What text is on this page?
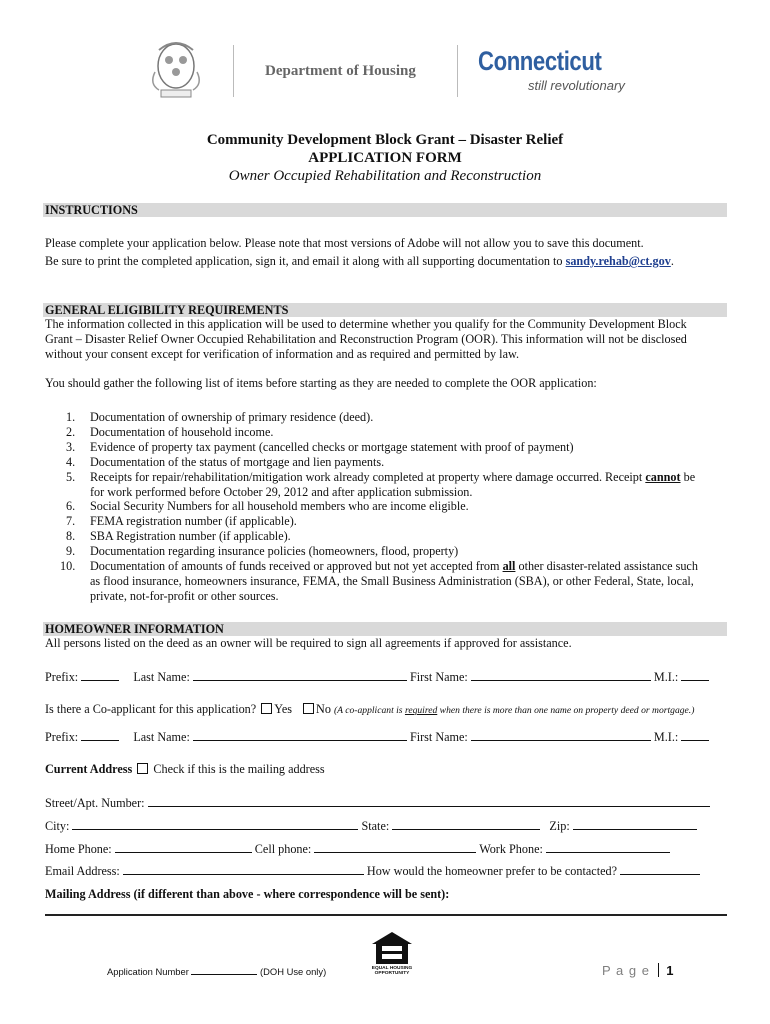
Department of Housing Connecticut
still revolutionary
Community Development Block Grant – Disaster Relief
APPLICATION FORM
Owner Occupied Rehabilitation and Reconstruction
INSTRUCTIONS
Please complete your application below. Please note that most versions of Adobe will not allow you to save this document.
Be sure to print the completed application, sign it, and email it along with all supporting documentation to sandy.rehab@ct.gov.
GENERAL ELIGIBILITY REQUIREMENTS
The information collected in this application will be used to determine whether you qualify for the Community Development Block
Grant – Disaster Relief Owner Occupied Rehabilitation and Reconstruction Program (OOR). This information will not be disclosed
without your consent except for verification of information and as required and permitted by law.
You should gather the following list of items before starting as they are needed to complete the OOR application:
1. Documentation of ownership of primary residence (deed).
2. Documentation of household income.
3. Evidence of property tax payment (cancelled checks or mortgage statement with proof of payment)
4. Documentation of the status of mortgage and lien payments.
5. Receipts for repair/rehabilitation/mitigation work already completed at property where damage occurred. Receipt cannot be
for work performed before October 29, 2012 and after application submission.
6. Social Security Numbers for all household members who are income eligible.
7. FEMA registration number (if applicable).
8. SBA Registration number (if applicable).
9. Documentation regarding insurance policies (homeowners, flood, property)
10. Documentation of amounts of funds received or approved but not yet accepted from all other disaster-related assistance such
as flood insurance, homeowners insurance, FEMA, the Small Business Administration (SBA), or other Federal, State, local,
private, not-for-profit or other sources.
HOMEOWNER INFORMATION
All persons listed on the deed as an owner will be required to sign all agreements if approved for assistance.
Prefix:	Last Name:	First Name:	M.I.:
Is there a Co-applicant for this application? Yes No (A co-applicant is required when there is more than one name on property deed or mortgage.)
Prefix:	Last Name:	First Name:	M.I.:
Current Address Check if this is the mailing address
Street/Apt. Number:
City:	State:	Zip:
Home Phone:	Cell phone:	Work Phone:
Email Address:	How would the homeowner prefer to be contacted?
Mailing Address (if different than above - where correspondence will be sent):
EQUAL HOUSING OPPORTUNITY
Application Number	(DOH Use only)	P a g e 1
